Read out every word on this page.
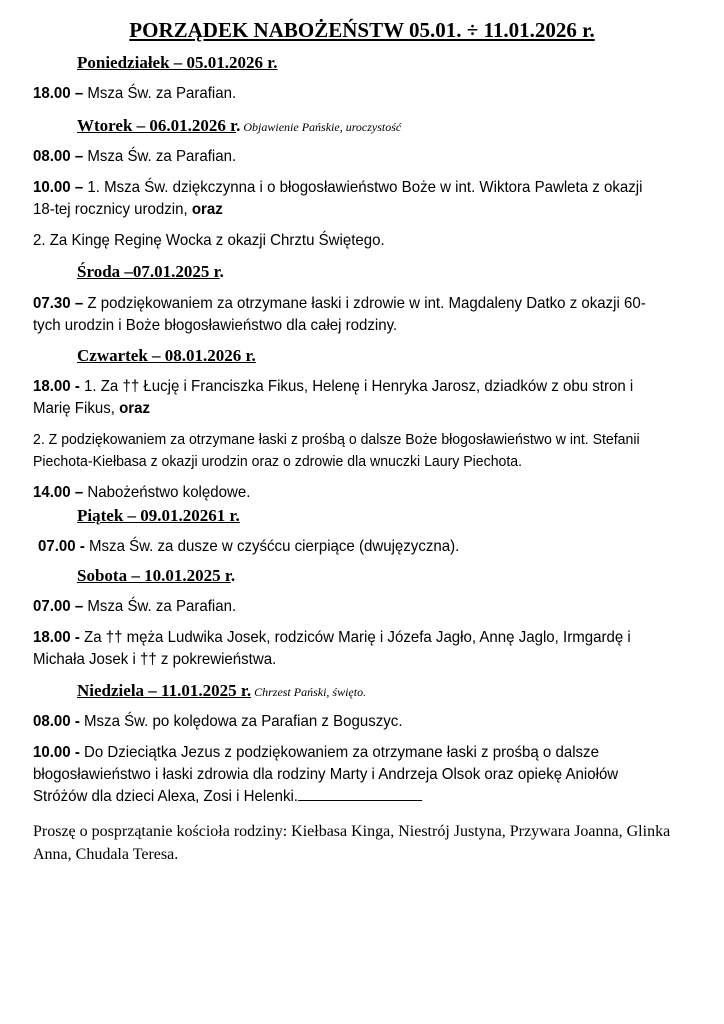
PORZĄDEK NABOŻEŃSTW 05.01. ÷ 11.01.2026 r.
Poniedziałek – 05.01.2026 r.
18.00 – Msza Św. za Parafian.
Wtorek – 06.01.2026 r. Objawienie Pańskie, uroczystość
08.00 – Msza Św. za Parafian.
10.00 – 1. Msza Św. dziękczynna i o błogosławieństwo Boże w int. Wiktora Pawleta z okazji 18-tej rocznicy urodzin, oraz
2. Za Kingę Reginę Wocka z okazji Chrztu Świętego.
Środa –07.01.2025 r.
07.30 – Z podziękowaniem za otrzymane łaski i zdrowie w int. Magdaleny Datko z okazji 60-tych urodzin i Boże błogosławieństwo dla całej rodziny.
Czwartek – 08.01.2026 r.
18.00 - 1. Za †† Łucję i Franciszka Fikus, Helenę i Henryka Jarosz, dziadków z obu stron i Marię Fikus, oraz
2. Z podziękowaniem za otrzymane łaski z prośbą o dalsze Boże błogosławieństwo w int. Stefanii Piechota-Kiełbasa z okazji urodzin oraz o zdrowie dla wnuczki Laury Piechota.
14.00 – Nabożeństwo kolędowe.
Piątek – 09.01.20261 r.
07.00 - Msza Św. za dusze w czyśćcu cierpiące (dwujęzyczna).
Sobota – 10.01.2025 r.
07.00 – Msza Św. za Parafian.
18.00 - Za †† męża Ludwika Josek, rodziców Marię i Józefa Jagło, Annę Jaglo, Irmgardę i Michała Josek i †† z pokrewieństwa.
Niedziela – 11.01.2025 r. Chrzest Pański, święto.
08.00 - Msza Św. po kolędowa za Parafian z Boguszyc.
10.00 - Do Dzieciątka Jezus z podziękowaniem za otrzymane łaski z prośbą o dalsze błogosławieństwo i łaski zdrowia dla rodziny Marty i Andrzeja Olsok oraz opiekę Aniołów Stróżów dla dzieci Alexa, Zosi i Helenki.
Proszę o posprzątanie kościoła rodziny: Kiełbasa Kinga, Niestrój Justyna, Przywara Joanna, Glinka Anna, Chudala Teresa.
